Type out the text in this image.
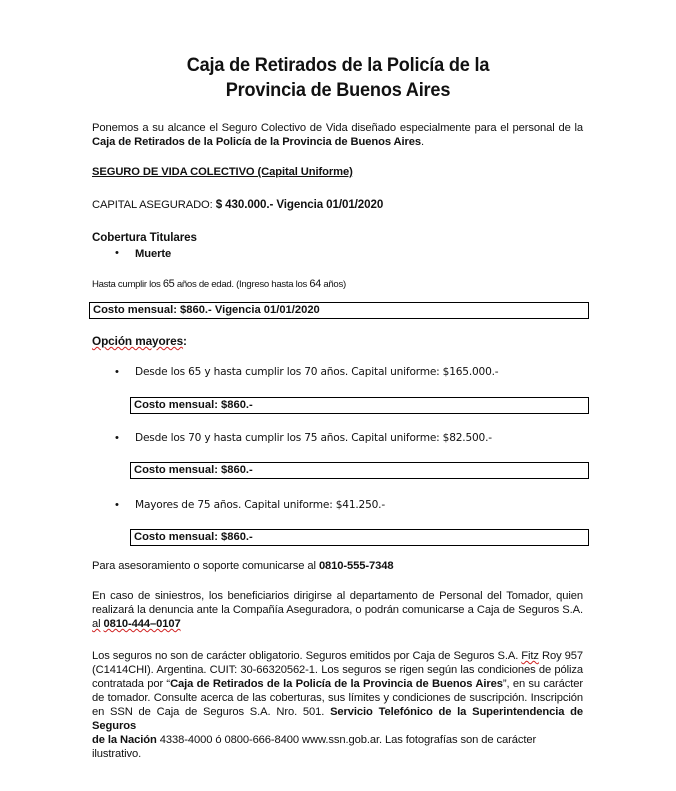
Caja de Retirados de la Policía de la
Provincia de Buenos Aires
Ponemos a su alcance el Seguro Colectivo de Vida diseñado especialmente para el personal de la Caja de Retirados de la Policía de la Provincia de Buenos Aires.
SEGURO DE VIDA COLECTIVO (Capital Uniforme)
CAPITAL ASEGURADO: $ 430.000.- Vigencia 01/01/2020
Cobertura Titulares
• Muerte
Hasta cumplir los 65 años de edad. (Ingreso hasta los 64 años)
Costo mensual: $860.- Vigencia 01/01/2020
Opción mayores:
• Desde los 65 y hasta cumplir los 70 años. Capital uniforme: $165.000.-
Costo mensual: $860.-
• Desde los 70 y hasta cumplir los 75 años. Capital uniforme: $82.500.-
Costo mensual: $860.-
• Mayores de 75 años. Capital uniforme: $41.250.-
Costo mensual: $860.-
Para asesoramiento o soporte comunicarse al 0810-555-7348
En caso de siniestros, los beneficiarios dirigirse al departamento de Personal del Tomador, quien
realizará la denuncia ante la Compañía Aseguradora, o podrán comunicarse a Caja de Seguros S.A.
al 0810-444–0107
Los seguros no son de carácter obligatorio. Seguros emitidos por Caja de Seguros S.A. Fitz Roy 957
(C1414CHI). Argentina. CUIT: 30-66320562-1. Los seguros se rigen según las condiciones de póliza
contratada por “Caja de Retirados de la Policía de la Provincia de Buenos Aires”, en su carácter
de tomador. Consulte acerca de las coberturas, sus límites y condiciones de suscripción. Inscripción
en SSN de Caja de Seguros S.A. Nro. 501. Servicio Telefónico de la Superintendencia de Seguros
de la Nación 4338-4000 ó 0800-666-8400 www.ssn.gob.ar. Las fotografías son de carácter ilustrativo.
